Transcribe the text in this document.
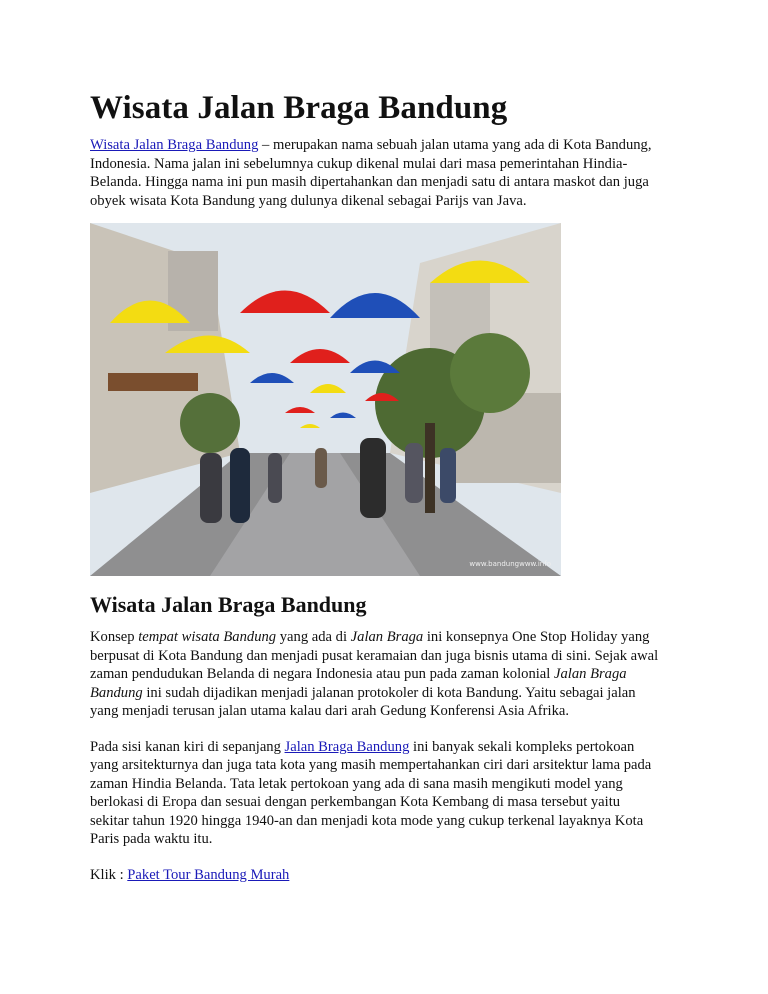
Wisata Jalan Braga Bandung

Wisata Jalan Braga Bandung – merupakan nama sebuah jalan utama yang ada di Kota Bandung,
Indonesia. Nama jalan ini sebelumnya cukup dikenal mulai dari masa pemerintahan Hindia-
Belanda. Hingga nama ini pun masih dipertahankan dan menjadi satu di antara maskot dan juga
obyek wisata Kota Bandung yang dulunya dikenal sebagai Parijs van Java.

www.bandungwww.info
Wisata Jalan Braga Bandung

Konsep tempat wisata Bandung yang ada di Jalan Braga ini konsepnya One Stop Holiday yang
berpusat di Kota Bandung dan menjadi pusat keramaian dan juga bisnis utama di sini. Sejak awal
zaman pendudukan Belanda di negara Indonesia atau pun pada zaman kolonial Jalan Braga
Bandung ini sudah dijadikan menjadi jalanan protokoler di kota Bandung. Yaitu sebagai jalan
yang menjadi terusan jalan utama kalau dari arah Gedung Konferensi Asia Afrika.

Pada sisi kanan kiri di sepanjang Jalan Braga Bandung ini banyak sekali kompleks pertokoan
yang arsitekturnya dan juga tata kota yang masih mempertahankan ciri dari arsitektur lama pada
zaman Hindia Belanda. Tata letak pertokoan yang ada di sana masih mengikuti model yang
berlokasi di Eropa dan sesuai dengan perkembangan Kota Kembang di masa tersebut yaitu
sekitar tahun 1920 hingga 1940-an dan menjadi kota mode yang cukup terkenal layaknya Kota
Paris pada waktu itu.

Klik : Paket Tour Bandung Murah
